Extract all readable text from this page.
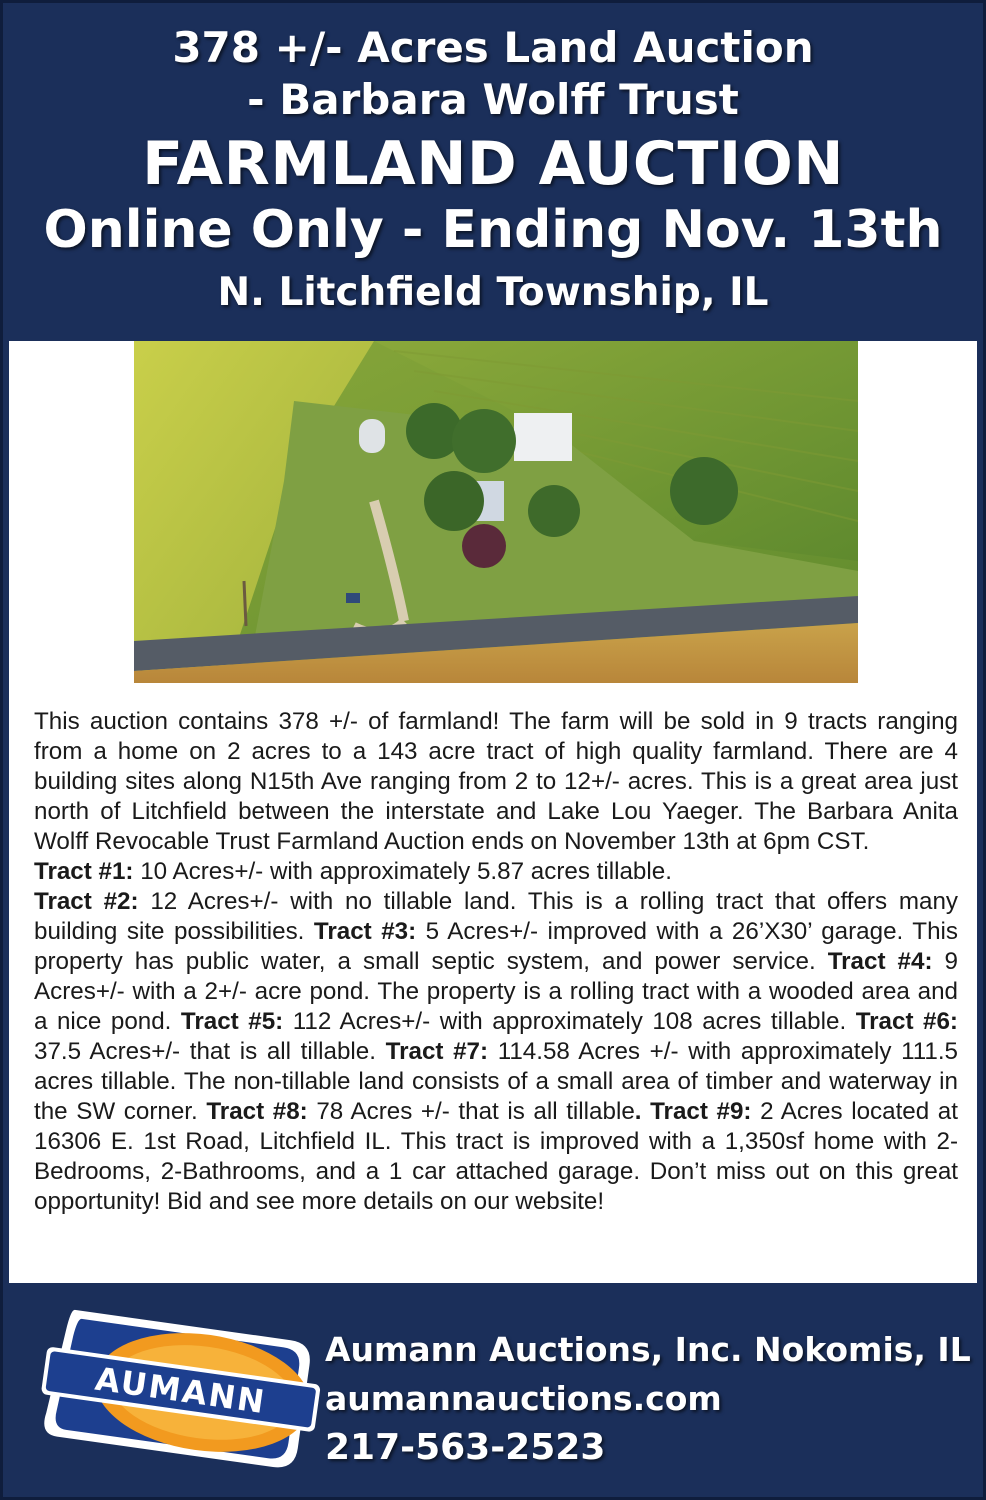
378 +/- Acres Land Auction
- Barbara Wolff Trust
FARMLAND AUCTION
Online Only - Ending Nov. 13th
N. Litchfield Township, IL

This auction contains 378 +/- of farmland! The farm will be sold in 9 tracts ranging from a home on 2 acres to a 143 acre tract of high quality farmland. There are 4 building sites along N15th Ave ranging from 2 to 12+/- acres. This is a great area just north of Litchfield between the interstate and Lake Lou Yaeger. The Barbara Anita Wolff Revocable Trust Farmland Auction ends on November 13th at 6pm CST.

Tract #1: 10 Acres+/- with approximately 5.87 acres tillable.

Tract #2: 12 Acres+/- with no tillable land. This is a rolling tract that offers many building site possibilities. Tract #3: 5 Acres+/- improved with a 26’X30’ garage. This property has public water, a small septic system, and power service. Tract #4: 9 Acres+/- with a 2+/- acre pond. The property is a rolling tract with a wooded area and a nice pond. Tract #5: 112 Acres+/- with approximately 108 acres tillable. Tract #6: 37.5 Acres+/- that is all tillable. Tract #7: 114.58 Acres +/- with approximately 111.5 acres tillable. The non-tillable land consists of a small area of timber and waterway in the SW corner. Tract #8: 78 Acres +/- that is all tillable. Tract #9: 2 Acres located at 16306 E. 1st Road, Litchfield IL. This tract is improved with a 1,350sf home with 2-Bedrooms, 2-Bathrooms, and a 1 car attached garage. Don’t miss out on this great opportunity! Bid and see more details on our website!

AUMANN
Aumann Auctions, Inc. Nokomis, IL
aumannauctions.com
217-563-2523
